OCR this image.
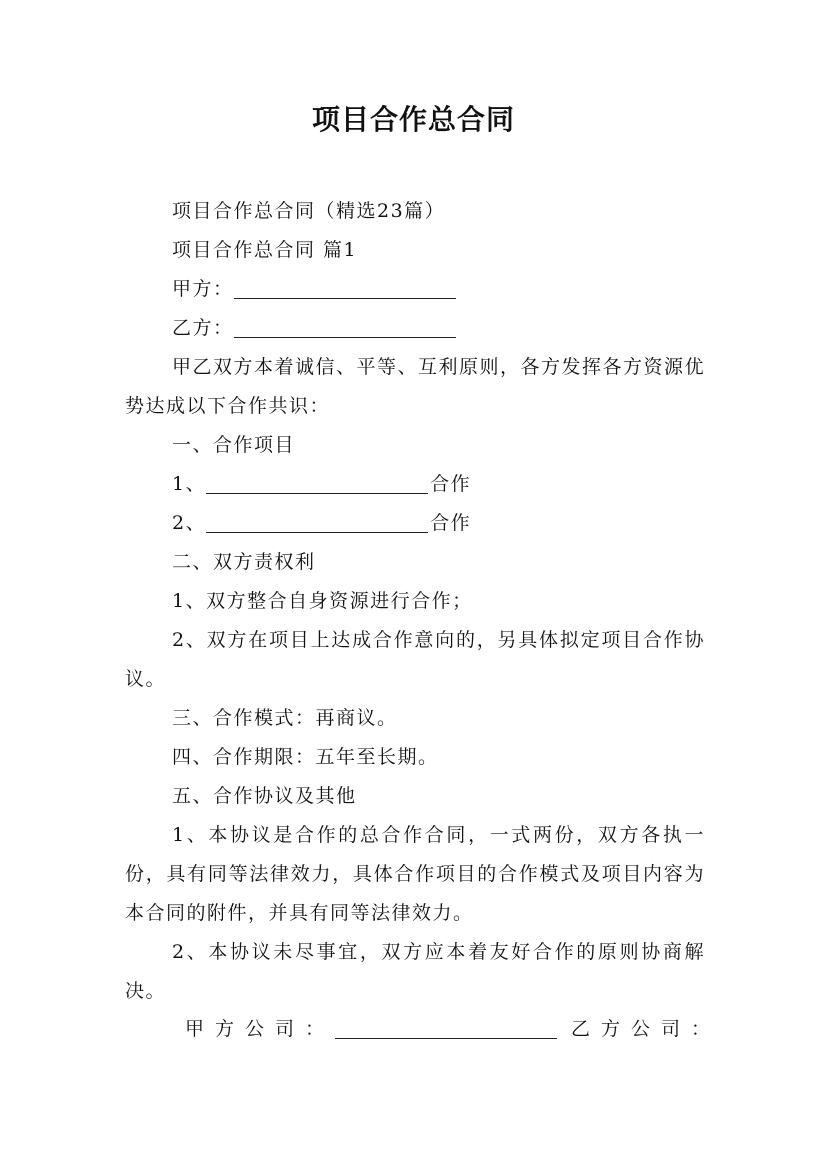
项目合作总合同

项目合作总合同（精选23篇）

项目合作总合同 篇1

甲方：

乙方：

甲乙双方本着诚信、平等、互利原则，各方发挥各方资源优势达成以下合作共识：

一、合作项目

1、	合作

2、	合作

二、双方责权利

1、双方整合自身资源进行合作；

2、双方在项目上达成合作意向的，另具体拟定项目合作协议。

三、合作模式：再商议。

四、合作期限：五年至长期。

五、合作协议及其他

1、本协议是合作的总合作合同，一式两份，双方各执一份，具有同等法律效力，具体合作项目的合作模式及项目内容为本合同的附件，并具有同等法律效力。

2、本协议未尽事宜，双方应本着友好合作的原则协商解决。

甲方公司：	乙方公司：
